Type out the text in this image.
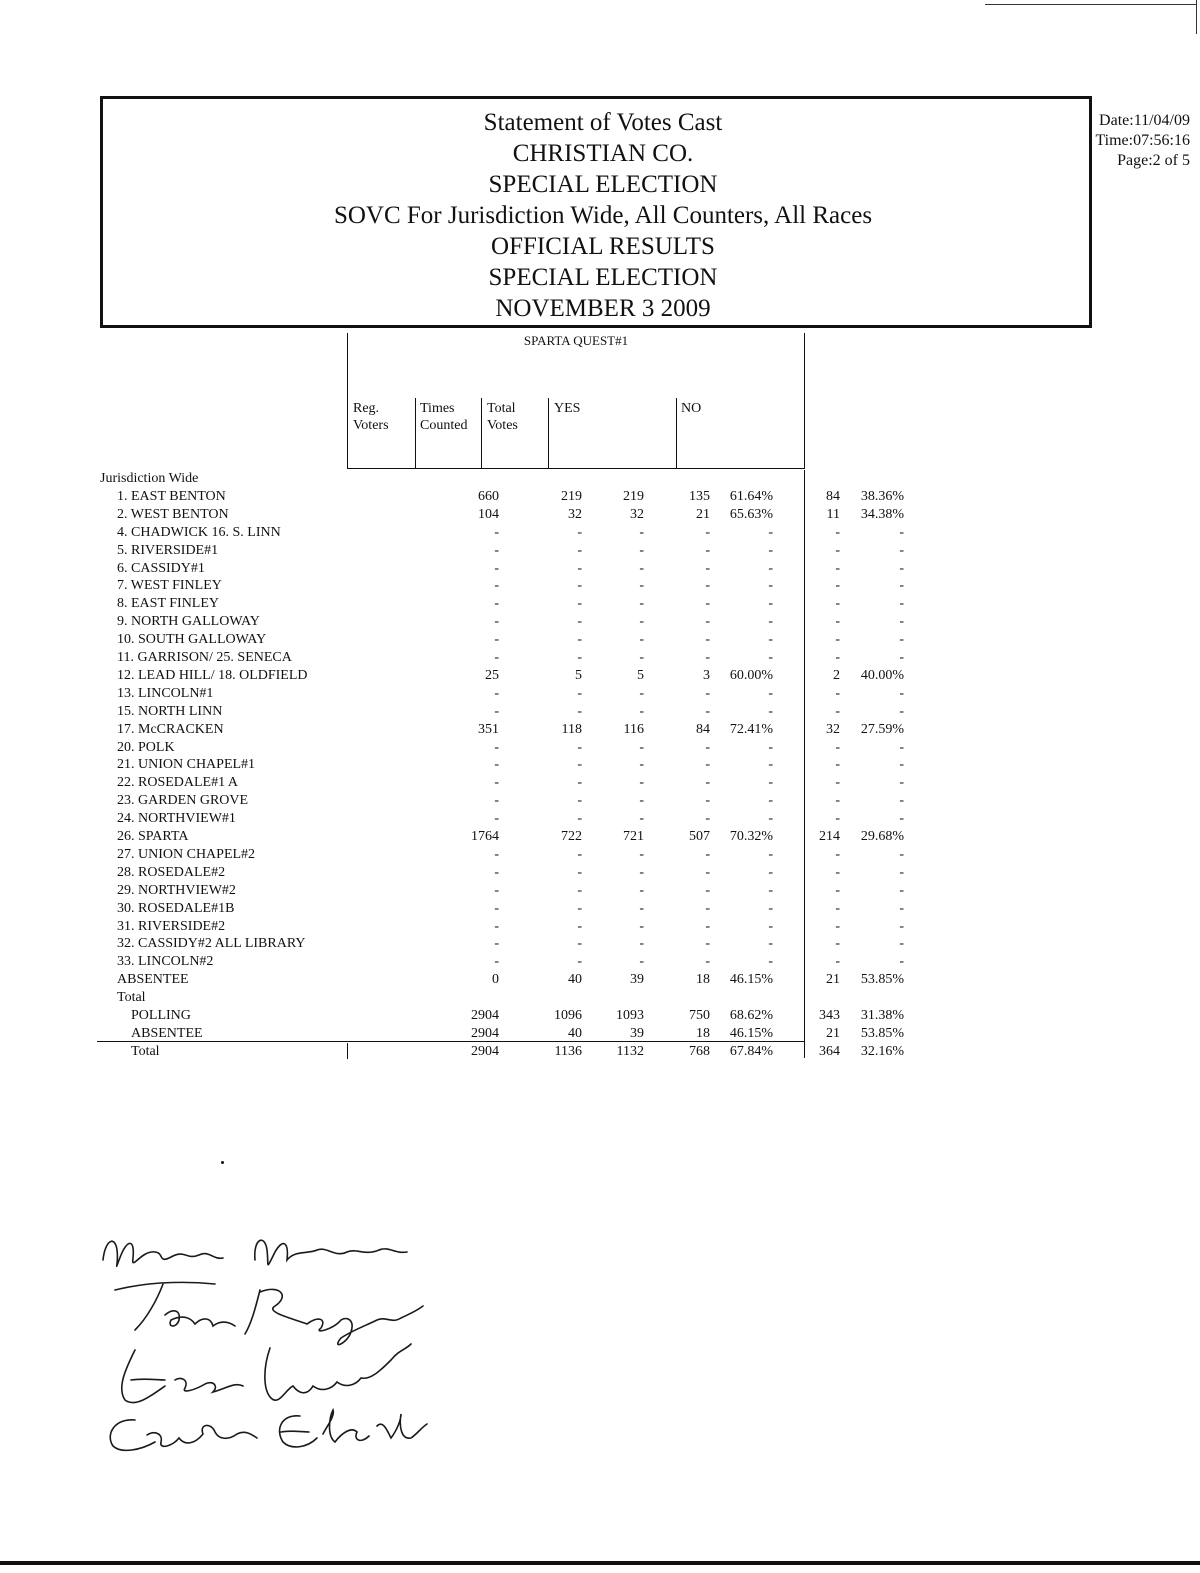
Statement of Votes Cast
CHRISTIAN CO.
SPECIAL ELECTION
SOVC For Jurisdiction Wide, All Counters, All Races
OFFICIAL RESULTS
SPECIAL ELECTION
NOVEMBER 3 2009
Date:11/04/09
Time:07:56:16
Page:2 of 5
SPARTA QUEST#1
Reg.
Voters
Times
Counted
Total
Votes
YES	NO
Jurisdiction Wide
1. EAST BENTON	660	219	219	135 61.64%	84 38.36%
2. WEST BENTON	104	32	32	21 65.63%	11 34.38%
4. CHADWICK 16. S. LINN	-	-	-	-	-	-	-
5. RIVERSIDE#1	-	-	-	-	-	-	-
6. CASSIDY#1	-	-	-	-	-	-	-
7. WEST FINLEY	-	-	-	-	-	-	-
8. EAST FINLEY	-	-	-	-	-	-	-
9. NORTH GALLOWAY	-	-	-	-	-	-	-
10. SOUTH GALLOWAY	-	-	-	-	-	-	-
11. GARRISON/ 25. SENECA	-	-	-	-	-	-	-
12. LEAD HILL/ 18. OLDFIELD	25	5	5	3 60.00%	2 40.00%
13. LINCOLN#1	-	-	-	-	-	-	-
15. NORTH LINN	-	-	-	-	-	-	-
17. McCRACKEN	351	118	116	84 72.41%	32 27.59%
20. POLK	-	-	-	-	-	-	-
21. UNION CHAPEL#1	-	-	-	-	-	-	-
22. ROSEDALE#1 A	-	-	-	-	-	-	-
23. GARDEN GROVE	-	-	-	-	-	-	-
24. NORTHVIEW#1	-	-	-	-	-	-	-
26. SPARTA	1764	722	721	507 70.32%	214 29.68%
27. UNION CHAPEL#2	-	-	-	-	-	-	-
28. ROSEDALE#2	-	-	-	-	-	-	-
29. NORTHVIEW#2	-	-	-	-	-	-	-
30. ROSEDALE#1B	-	-	-	-	-	-	-
31. RIVERSIDE#2	-	-	-	-	-	-	-
32. CASSIDY#2 ALL LIBRARY	-	-	-	-	-	-	-
33. LINCOLN#2	-	-	-	-	-	-	-
ABSENTEE	0	40	39	18 46.15%	21 53.85%
Total
POLLING	2904	1096 1093	750 68.62%	343 31.38%
ABSENTEE	2904	40	39	18 46.15%	21 53.85%
Total	2904	1136 1132	768 67.84%	364 32.16%
